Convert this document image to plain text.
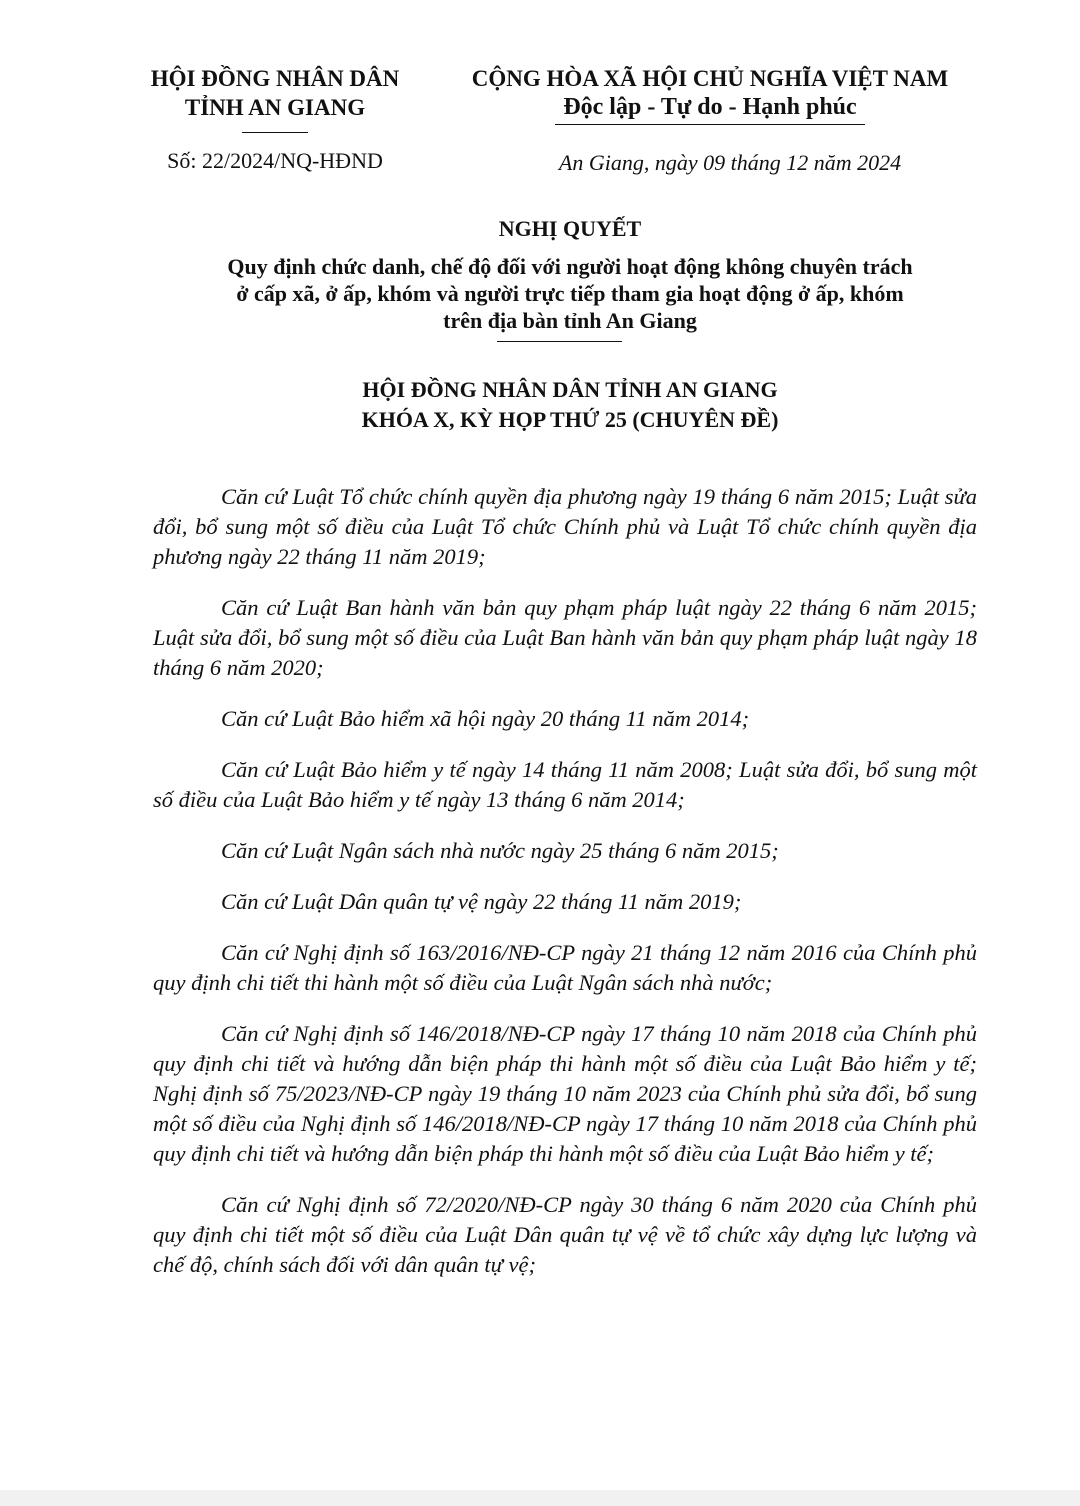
HỘI ĐỒNG NHÂN DÂN
TỈNH AN GIANG
CỘNG HÒA XÃ HỘI CHỦ NGHĨA VIỆT NAM
Độc lập - Tự do - Hạnh phúc
Số: 22/2024/NQ-HĐND	An Giang, ngày 09 tháng 12 năm 2024
NGHỊ QUYẾT
Quy định chức danh, chế độ đối với người hoạt động không chuyên trách
ở cấp xã, ở ấp, khóm và người trực tiếp tham gia hoạt động ở ấp, khóm
trên địa bàn tỉnh An Giang
HỘI ĐỒNG NHÂN DÂN TỈNH AN GIANG
KHÓA X, KỲ HỌP THỨ 25 (CHUYÊN ĐỀ)

Căn cứ Luật Tổ chức chính quyền địa phương ngày 19 tháng 6 năm 2015; Luật sửa đổi, bổ sung một số điều của Luật Tổ chức Chính phủ và Luật Tổ chức chính quyền địa phương ngày 22 tháng 11 năm 2019;

Căn cứ Luật Ban hành văn bản quy phạm pháp luật ngày 22 tháng 6 năm 2015; Luật sửa đổi, bổ sung một số điều của Luật Ban hành văn bản quy phạm pháp luật ngày 18 tháng 6 năm 2020;

Căn cứ Luật Bảo hiểm xã hội ngày 20 tháng 11 năm 2014;

Căn cứ Luật Bảo hiểm y tế ngày 14 tháng 11 năm 2008; Luật sửa đổi, bổ sung một số điều của Luật Bảo hiểm y tế ngày 13 tháng 6 năm 2014;

Căn cứ Luật Ngân sách nhà nước ngày 25 tháng 6 năm 2015;

Căn cứ Luật Dân quân tự vệ ngày 22 tháng 11 năm 2019;

Căn cứ Nghị định số 163/2016/NĐ-CP ngày 21 tháng 12 năm 2016 của Chính phủ quy định chi tiết thi hành một số điều của Luật Ngân sách nhà nước;

Căn cứ Nghị định số 146/2018/NĐ-CP ngày 17 tháng 10 năm 2018 của Chính phủ quy định chi tiết và hướng dẫn biện pháp thi hành một số điều của Luật Bảo hiểm y tế; Nghị định số 75/2023/NĐ-CP ngày 19 tháng 10 năm 2023 của Chính phủ sửa đổi, bổ sung một số điều của Nghị định số 146/2018/NĐ-CP ngày 17 tháng 10 năm 2018 của Chính phủ quy định chi tiết và hướng dẫn biện pháp thi hành một số điều của Luật Bảo hiểm y tế;

Căn cứ Nghị định số 72/2020/NĐ-CP ngày 30 tháng 6 năm 2020 của Chính phủ quy định chi tiết một số điều của Luật Dân quân tự vệ về tổ chức xây dựng lực lượng và chế độ, chính sách đối với dân quân tự vệ;
